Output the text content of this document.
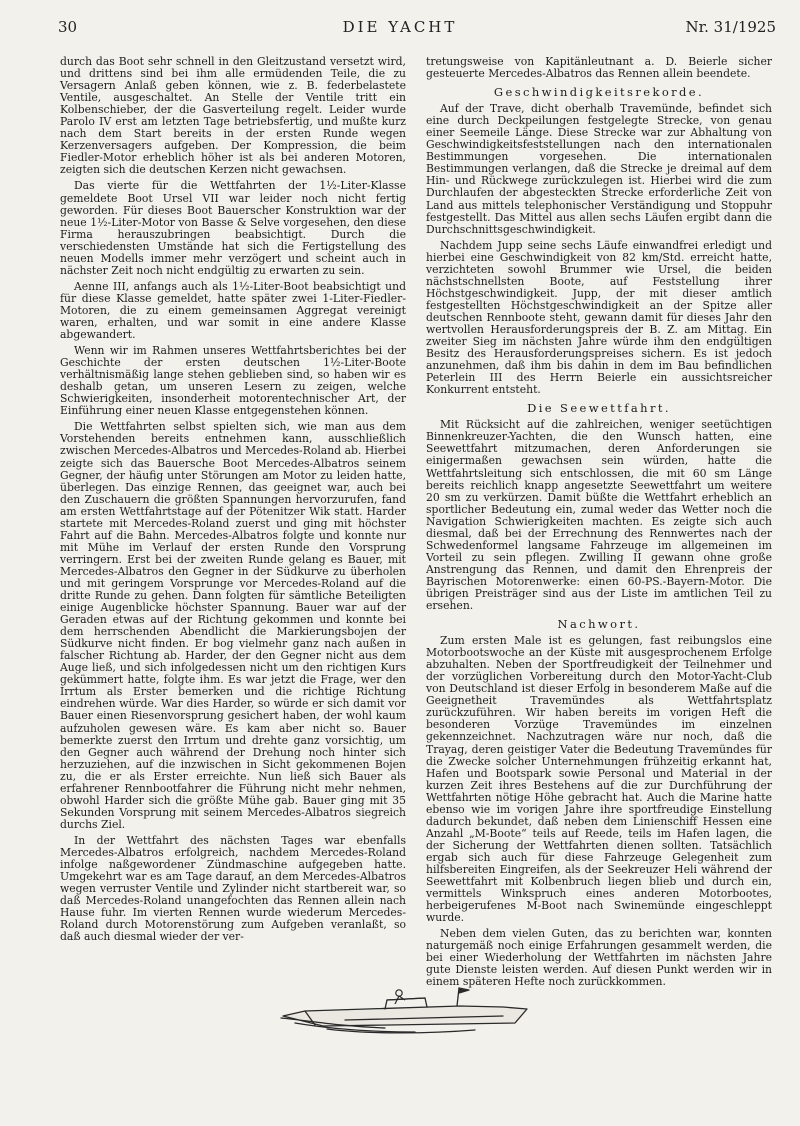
DIE YACHT
30	Nr. 31/1925

durch das Boot sehr schnell in den Gleitzustand versetzt wird, und drittens sind bei ihm alle ermüdenden Teile, die zu Versagern Anlaß geben können, wie z. B. federbelastete Ventile, ausgeschaltet. An Stelle der Ventile tritt ein Kolbenschieber, der die Gasverteilung regelt. Leider wurde Parolo IV erst am letzten Tage betriebsfertig, und mußte kurz nach dem Start bereits in der ersten Runde wegen Kerzenversagers aufgeben. Der Kompression, die beim Fiedler-Motor erheblich höher ist als bei anderen Motoren, zeigten sich die deutschen Kerzen nicht gewachsen.

Das vierte für die Wettfahrten der 1½-Liter-Klasse gemeldete Boot Ursel VII war leider noch nicht fertig geworden. Für dieses Boot Bauerscher Konstruktion war der neue 1½-Liter-Motor von Basse & Selve vorgesehen, den diese Firma herauszubringen beabsichtigt. Durch die verschiedensten Umstände hat sich die Fertigstellung des neuen Modells immer mehr verzögert und scheint auch in nächster Zeit noch nicht endgültig zu erwarten zu sein.

Aenne III, anfangs auch als 1½-Liter-Boot beabsichtigt und für diese Klasse gemeldet, hatte später zwei 1-Liter-Fiedler-Motoren, die zu einem gemeinsamen Aggregat vereinigt waren, erhalten, und war somit in eine andere Klasse abgewandert.

Wenn wir im Rahmen unseres Wettfahrtsberichtes bei der Geschichte der ersten deutschen 1½-Liter-Boote verhältnismäßig lange stehen geblieben sind, so haben wir es deshalb getan, um unseren Lesern zu zeigen, welche Schwierigkeiten, insonderheit motorentechnischer Art, der Einführung einer neuen Klasse entgegenstehen können.

Die Wettfahrten selbst spielten sich, wie man aus dem Vorstehenden bereits entnehmen kann, ausschließlich zwischen Mercedes-Albatros und Mercedes-Roland ab. Hierbei zeigte sich das Bauersche Boot Mercedes-Albatros seinem Gegner, der häufig unter Störungen am Motor zu leiden hatte, überlegen. Das einzige Rennen, das geeignet war, auch bei den Zuschauern die größten Spannungen hervorzurufen, fand am ersten Wettfahrtstage auf der Pötenitzer Wik statt. Harder startete mit Mercedes-Roland zuerst und ging mit höchster Fahrt auf die Bahn. Mercedes-Albatros folgte und konnte nur mit Mühe im Verlauf der ersten Runde den Vorsprung verringern. Erst bei der zweiten Runde gelang es Bauer, mit Mercedes-Albatros den Gegner in der Südkurve zu überholen und mit geringem Vorsprunge vor Mercedes-Roland auf die dritte Runde zu gehen. Dann folgten für sämtliche Beteiligten einige Augenblicke höchster Spannung. Bauer war auf der Geraden etwas auf der Richtung gekommen und konnte bei dem herrschenden Abendlicht die Markierungsbojen der Südkurve nicht finden. Er bog vielmehr ganz nach außen in falscher Richtung ab. Harder, der den Gegner nicht aus dem Auge ließ, und sich infolgedessen nicht um den richtigen Kurs gekümmert hatte, folgte ihm. Es war jetzt die Frage, wer den Irrtum als Erster bemerken und die richtige Richtung eindrehen würde. War dies Harder, so würde er sich damit vor Bauer einen Riesenvorsprung gesichert haben, der wohl kaum aufzuholen gewesen wäre. Es kam aber nicht so. Bauer bemerkte zuerst den Irrtum und drehte ganz vorsichtig, um den Gegner auch während der Drehung noch hinter sich herzuziehen, auf die inzwischen in Sicht gekommenen Bojen zu, die er als Erster erreichte. Nun ließ sich Bauer als erfahrener Rennbootfahrer die Führung nicht mehr nehmen, obwohl Harder sich die größte Mühe gab. Bauer ging mit 35 Sekunden Vorsprung mit seinem Mercedes-Albatros siegreich durchs Ziel.

In der Wettfahrt des nächsten Tages war ebenfalls Mercedes-Albatros erfolgreich, nachdem Mercedes-Roland infolge naßgewordener Zündmaschine aufgegeben hatte. Umgekehrt war es am Tage darauf, an dem Mercedes-Albatros wegen verruster Ventile und Zylinder nicht startbereit war, so daß Mercedes-Roland unangefochten das Rennen allein nach Hause fuhr. Im vierten Rennen wurde wiederum Mercedes-Roland durch Motorenstörung zum Aufgeben veranlaßt, so daß auch diesmal wieder der ver-

tretungsweise von Kapitänleutnant a. D. Beierle sicher gesteuerte Mercedes-Albatros das Rennen allein beendete.

Geschwindigkeitsrekorde.

Auf der Trave, dicht oberhalb Travemünde, befindet sich eine durch Deckpeilungen festgelegte Strecke, von genau einer Seemeile Länge. Diese Strecke war zur Abhaltung von Geschwindigkeitsfeststellungen nach den internationalen Bestimmungen vorgesehen. Die internationalen Bestimmungen verlangen, daß die Strecke je dreimal auf dem Hin- und Rückwege zurückzulegen ist. Hierbei wird die zum Durchlaufen der abgesteckten Strecke erforderliche Zeit von Land aus mittels telephonischer Verständigung und Stoppuhr festgestellt. Das Mittel aus allen sechs Läufen ergibt dann die Durchschnittsgeschwindigkeit.

Nachdem Jupp seine sechs Läufe einwandfrei erledigt und hierbei eine Geschwindigkeit von 82 km/Std. erreicht hatte, verzichteten sowohl Brummer wie Ursel, die beiden nächstschnellsten Boote, auf Feststellung ihrer Höchstgeschwindigkeit. Jupp, der mit dieser amtlich festgestellten Höchstgeschwindigkeit an der Spitze aller deutschen Rennboote steht, gewann damit für dieses Jahr den wertvollen Herausforderungspreis der B. Z. am Mittag. Ein zweiter Sieg im nächsten Jahre würde ihm den endgültigen Besitz des Herausforderungspreises sichern. Es ist jedoch anzunehmen, daß ihm bis dahin in dem im Bau befindlichen Peterlein III des Herrn Beierle ein aussichtsreicher Konkurrent entsteht.

Die Seewettfahrt.

Mit Rücksicht auf die zahlreichen, weniger seetüchtigen Binnenkreuzer-Yachten, die den Wunsch hatten, eine Seewettfahrt mitzumachen, deren Anforderungen sie einigermaßen gewachsen sein würden, hatte die Wettfahrtsleitung sich entschlossen, die mit 60 sm Länge bereits reichlich knapp angesetzte Seewettfahrt um weitere 20 sm zu verkürzen. Damit büßte die Wettfahrt erheblich an sportlicher Bedeutung ein, zumal weder das Wetter noch die Navigation Schwierigkeiten machten. Es zeigte sich auch diesmal, daß bei der Errechnung des Rennwertes nach der Schwedenformel langsame Fahrzeuge im allgemeinen im Vorteil zu sein pflegen. Zwilling II gewann ohne große Anstrengung das Rennen, und damit den Ehrenpreis der Bayrischen Motorenwerke: einen 60-PS.-Bayern-Motor. Die übrigen Preisträger sind aus der Liste im amtlichen Teil zu ersehen.

Nachwort.

Zum ersten Male ist es gelungen, fast reibungslos eine Motorbootswoche an der Küste mit ausgesprochenem Erfolge abzuhalten. Neben der Sportfreudigkeit der Teilnehmer und der vorzüglichen Vorbereitung durch den Motor-Yacht-Club von Deutschland ist dieser Erfolg in besonderem Maße auf die Geeignetheit Travemündes als Wettfahrtsplatz zurückzuführen. Wir haben bereits im vorigen Heft die besonderen Vorzüge Travemündes im einzelnen gekennzeichnet. Nachzutragen wäre nur noch, daß die Trayag, deren geistiger Vater die Bedeutung Travemündes für die Zwecke solcher Unternehmungen frühzeitig erkannt hat, Hafen und Bootspark sowie Personal und Material in der kurzen Zeit ihres Bestehens auf die zur Durchführung der Wettfahrten nötige Höhe gebracht hat. Auch die Marine hatte ebenso wie im vorigen Jahre ihre sportfreudige Einstellung dadurch bekundet, daß neben dem Linienschiff Hessen eine Anzahl „M-Boote“ teils auf Reede, teils im Hafen lagen, die der Sicherung der Wettfahrten dienen sollten. Tatsächlich ergab sich auch für diese Fahrzeuge Gelegenheit zum hilfsbereiten Eingreifen, als der Seekreuzer Heli während der Seewettfahrt mit Kolbenbruch liegen blieb und durch ein, vermittels Winkspruch eines anderen Motorbootes, herbeigerufenes M-Boot nach Swinemünde eingeschleppt wurde.

Neben dem vielen Guten, das zu berichten war, konnten naturgemäß noch einige Erfahrungen gesammelt werden, die bei einer Wiederholung der Wettfahrten im nächsten Jahre gute Dienste leisten werden. Auf diesen Punkt werden wir in einem späteren Hefte noch zurückkommen.
